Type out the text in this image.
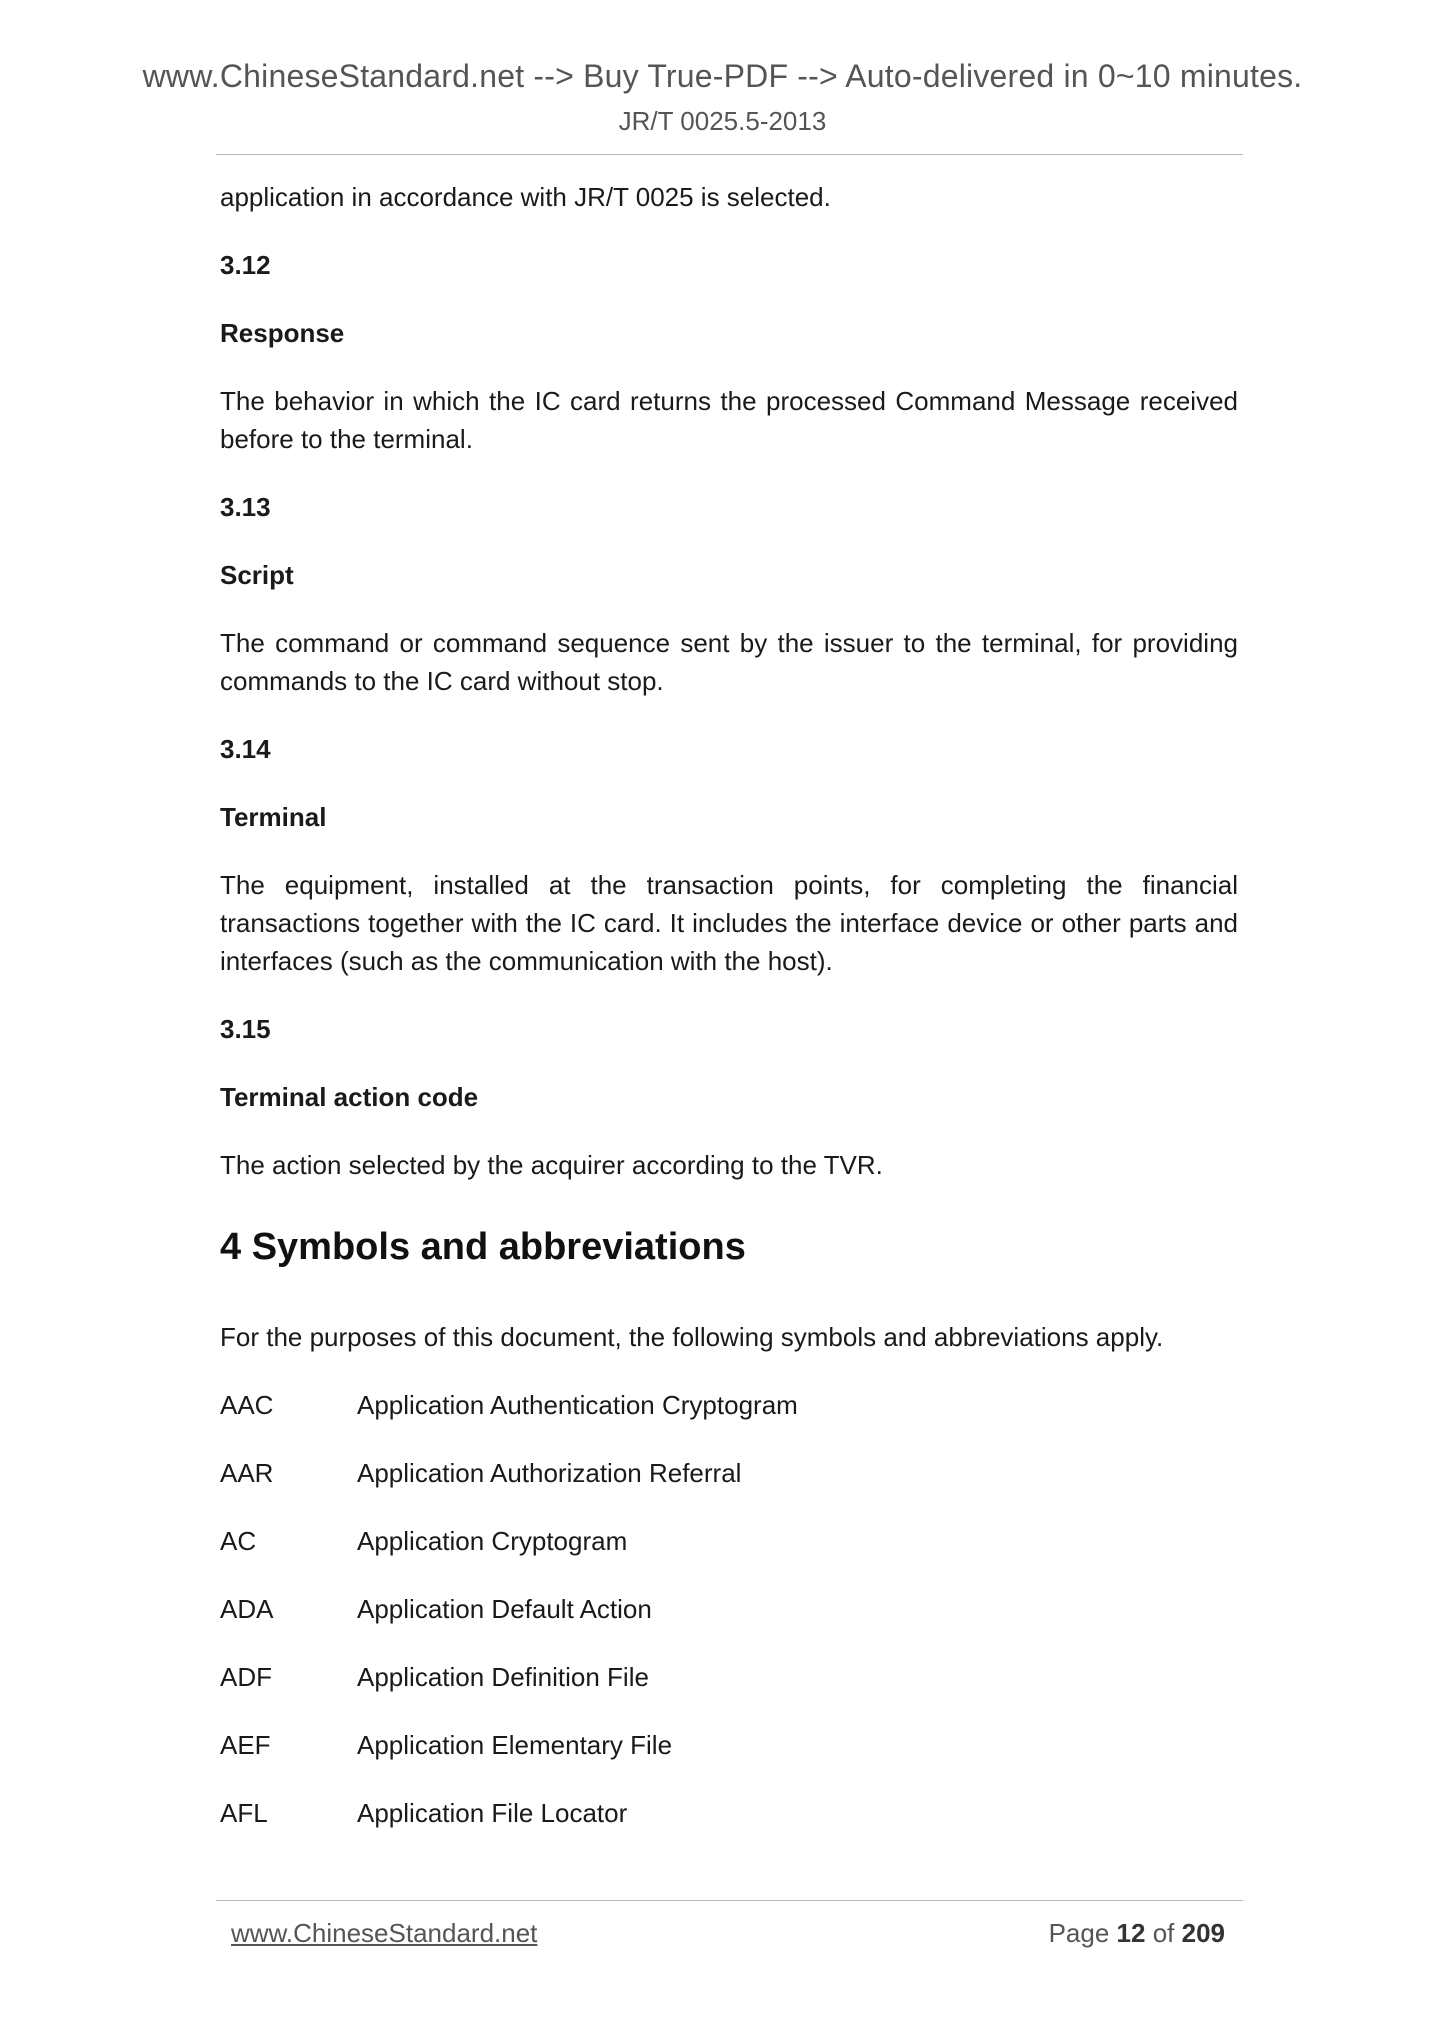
www.ChineseStandard.net --> Buy True-PDF --> Auto-delivered in 0~10 minutes.
JR/T 0025.5-2013

application in accordance with JR/T 0025 is selected.

3.12

Response

The behavior in which the IC card returns the processed Command Message received before to the terminal.

3.13

Script

The command or command sequence sent by the issuer to the terminal, for providing commands to the IC card without stop.

3.14

Terminal

The equipment, installed at the transaction points, for completing the financial transactions together with the IC card. It includes the interface device or other parts and interfaces (such as the communication with the host).

3.15

Terminal action code

The action selected by the acquirer according to the TVR.

4 Symbols and abbreviations

For the purposes of this document, the following symbols and abbreviations apply.

AAC	Application Authentication Cryptogram
AAR	Application Authorization Referral
AC	Application Cryptogram
ADA	Application Default Action
ADF	Application Definition File
AEF	Application Elementary File
AFL	Application File Locator
www.ChineseStandard.net	Page 12 of 209
